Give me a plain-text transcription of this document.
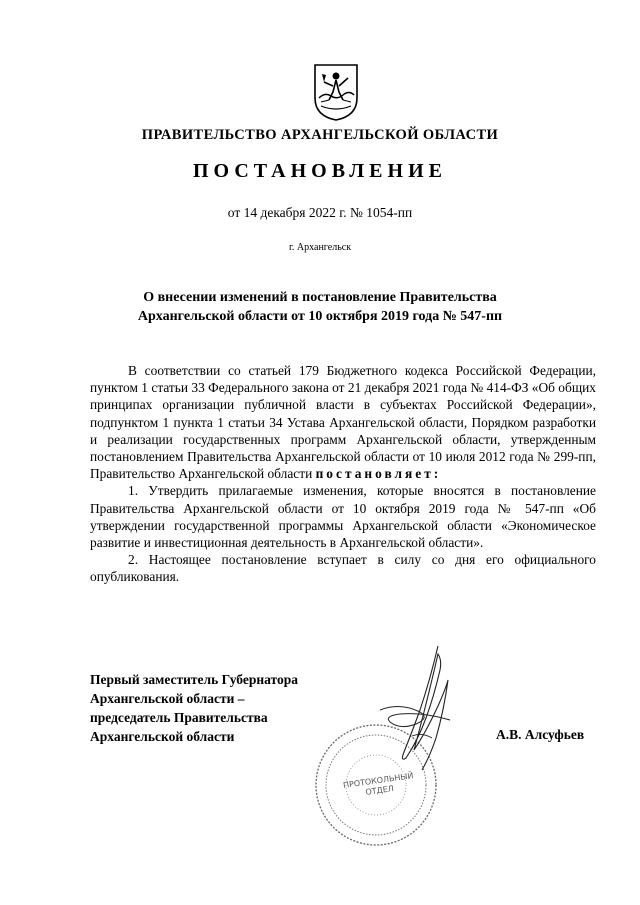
ПРАВИТЕЛЬСТВО АРХАНГЕЛЬСКОЙ ОБЛАСТИ
ПОСТАНОВЛЕНИЕ
от 14 декабря 2022 г. № 1054-пп
г. Архангельск
О внесении изменений в постановление Правительства Архангельской области от 10 октября 2019 года № 547-пп

В соответствии со статьей 179 Бюджетного кодекса Российской Федерации, пунктом 1 статьи 33 Федерального закона от 21 декабря 2021 года № 414-ФЗ «Об общих принципах организации публичной власти в субъектах Российской Федерации», подпунктом 1 пункта 1 статьи 34 Устава Архангельской области, Порядком разработки и реализации государственных программ Архангельской области, утвержденным постановлением Правительства Архангельской области от 10 июля 2012 года № 299-пп, Правительство Архангельской области постановляет:

1. Утвердить прилагаемые изменения, которые вносятся в постановление Правительства Архангельской области от 10 октября 2019 года № 547-пп «Об утверждении государственной программы Архангельской области «Экономическое развитие и инвестиционная деятельность в Архангельской области».

2. Настоящее постановление вступает в силу со дня его официального опубликования.

Первый заместитель Губернатора
Архангельской области –
председатель Правительства
Архангельской области	А.В. Алсуфьев
ПРОТОКОЛЬНЫЙ ОТДЕЛ
